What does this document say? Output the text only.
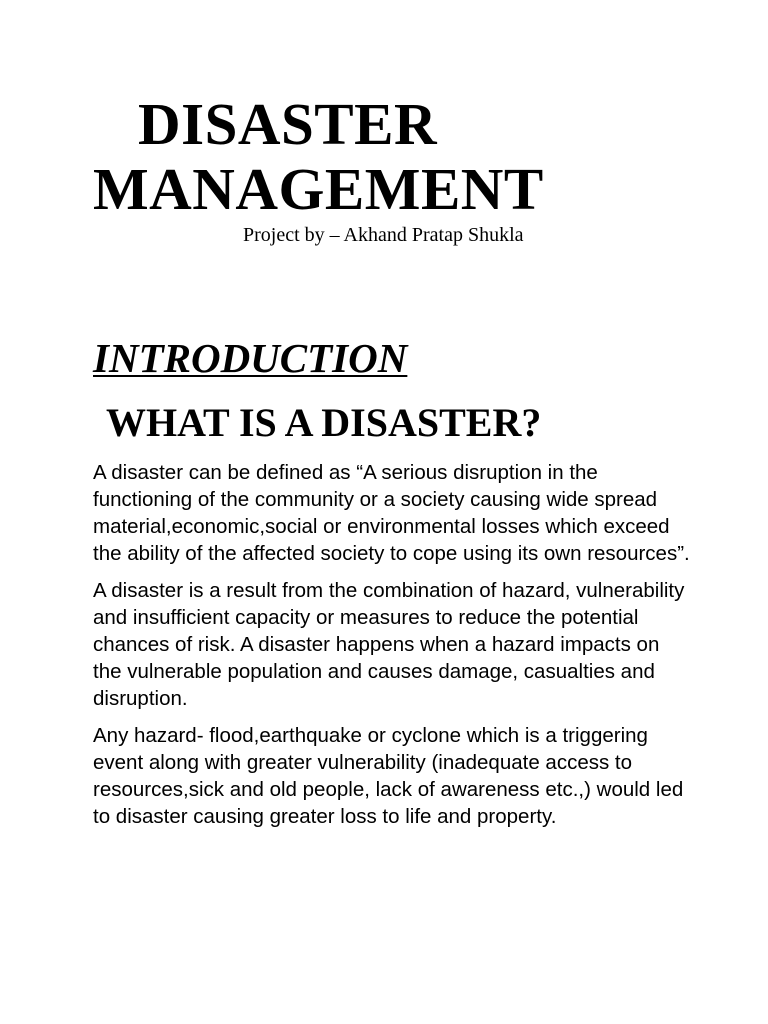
DISASTER
MANAGEMENT
Project by – Akhand Pratap Shukla
INTRODUCTION
WHAT IS A DISASTER?

A disaster can be defined as “A serious disruption in the functioning of the community or a society causing wide spread material,economic,social or environmental losses which exceed the ability of the affected society to cope using its own resources”.

A disaster is a result from the combination of hazard, vulnerability and insufficient capacity or measures to reduce the potential chances of risk. A disaster happens when a hazard impacts on the vulnerable population and causes damage, casualties and disruption.

Any hazard- flood,earthquake or cyclone which is a triggering event along with greater vulnerability (inadequate access to resources,sick and old people, lack of awareness etc.,) would led to disaster causing greater loss to life and property.
